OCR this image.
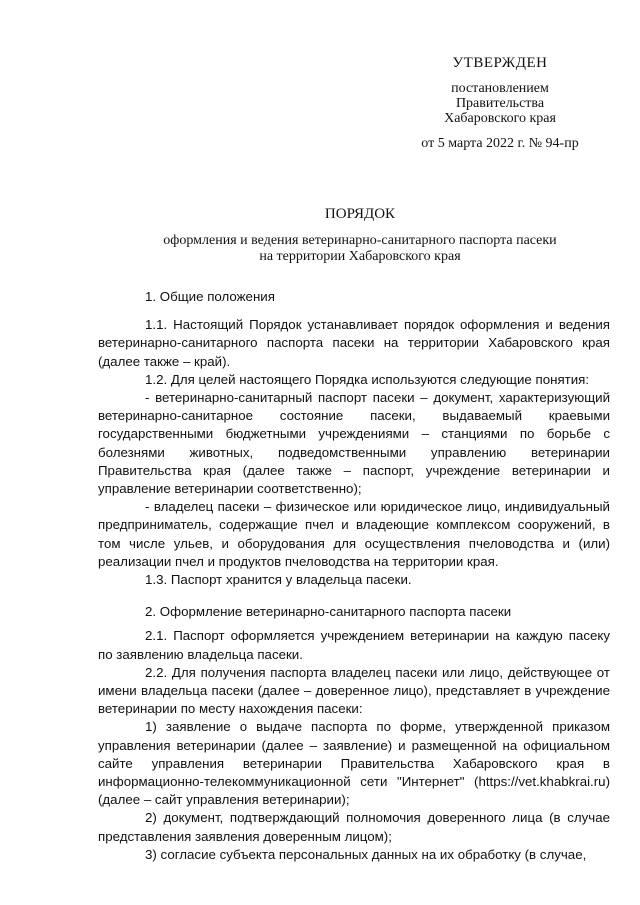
УТВЕРЖДЕН
постановлением
Правительства
Хабаровского края
от 5 марта 2022 г. № 94-пр
ПОРЯДОК
оформления и ведения ветеринарно-санитарного паспорта пасеки
на территории Хабаровского края

1. Общие положения

1.1. Настоящий Порядок устанавливает порядок оформления и ведения ветеринарно-санитарного паспорта пасеки на территории Хабаровского края (далее также – край).

1.2. Для целей настоящего Порядка используются следующие понятия:

- ветеринарно-санитарный паспорт пасеки – документ, характеризующий ветеринарно-санитарное состояние пасеки, выдаваемый краевыми государственными бюджетными учреждениями – станциями по борьбе с болезнями животных, подведомственными управлению ветеринарии Правительства края (далее также – паспорт, учреждение ветеринарии и управление ветеринарии соответственно);

- владелец пасеки – физическое или юридическое лицо, индивидуальный предприниматель, содержащие пчел и владеющие комплексом сооружений, в том числе ульев, и оборудования для осуществления пчеловодства и (или) реализации пчел и продуктов пчеловодства на территории края.

1.3. Паспорт хранится у владельца пасеки.

2. Оформление ветеринарно-санитарного паспорта пасеки

2.1. Паспорт оформляется учреждением ветеринарии на каждую пасеку по заявлению владельца пасеки.

2.2. Для получения паспорта владелец пасеки или лицо, действующее от имени владельца пасеки (далее – доверенное лицо), представляет в учреждение ветеринарии по месту нахождения пасеки:

1) заявление о выдаче паспорта по форме, утвержденной приказом управления ветеринарии (далее – заявление) и размещенной на официальном сайте управления ветеринарии Правительства Хабаровского края в информационно-телекоммуникационной сети "Интернет" (https://vet.khabkrai.ru) (далее – сайт управления ветеринарии);

2) документ, подтверждающий полномочия доверенного лица (в случае представления заявления доверенным лицом);

3) согласие субъекта персональных данных на их обработку (в случае,
